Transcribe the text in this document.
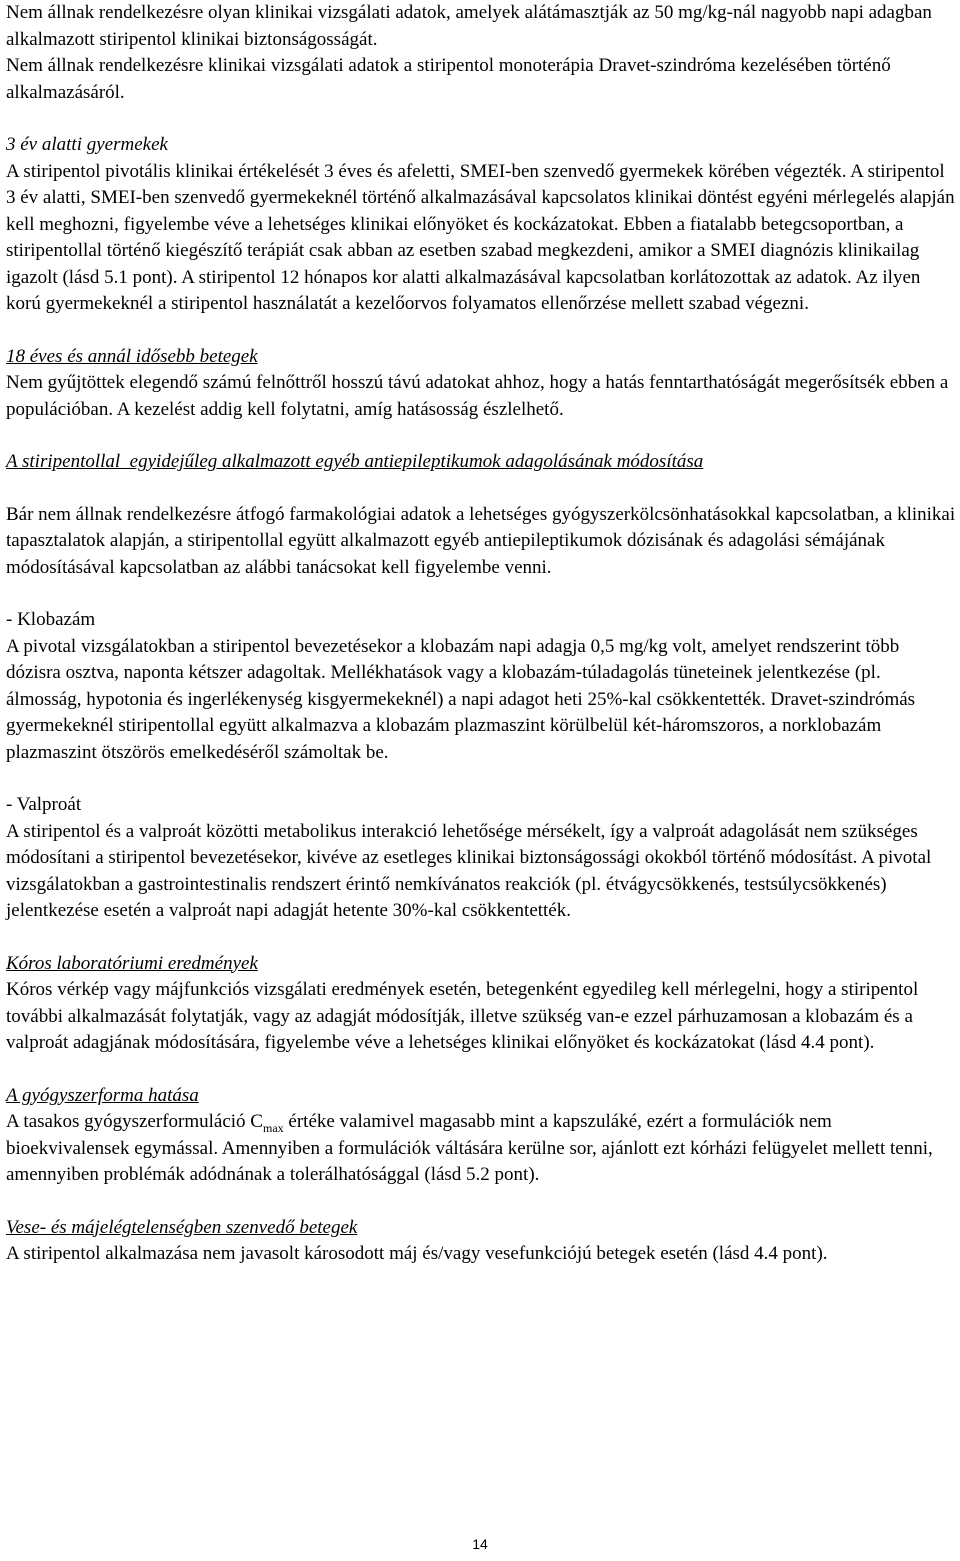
Nem állnak rendelkezésre olyan klinikai vizsgálati adatok, amelyek alátámasztják az 50 mg/kg-nál nagyobb napi adagban alkalmazott stiripentol klinikai biztonságosságát.

Nem állnak rendelkezésre klinikai vizsgálati adatok a stiripentol monoterápia Dravet-szindróma kezelésében történő alkalmazásáról.

3 év alatti gyermekek

A stiripentol pivotális klinikai értékelését 3 éves és afeletti, SMEI-ben szenvedő gyermekek körében végezték. A stiripentol 3 év alatti, SMEI-ben szenvedő gyermekeknél történő alkalmazásával kapcsolatos klinikai döntést egyéni mérlegelés alapján kell meghozni, figyelembe véve a lehetséges klinikai előnyöket és kockázatokat. Ebben a fiatalabb betegcsoportban, a stiripentollal történő kiegészítő terápiát csak abban az esetben szabad megkezdeni, amikor a SMEI diagnózis klinikailag igazolt (lásd 5.1 pont). A stiripentol 12 hónapos kor alatti alkalmazásával kapcsolatban korlátozottak az adatok. Az ilyen korú gyermekeknél a stiripentol használatát a kezelőorvos folyamatos ellenőrzése mellett szabad végezni.

18 éves és annál idősebb betegek

Nem gyűjtöttek elegendő számú felnőttről hosszú távú adatokat ahhoz, hogy a hatás fenntarthatóságát megerősítsék ebben a populációban. A kezelést addig kell folytatni, amíg hatásosság észlelhető.

A stiripentollal  egyidejűleg alkalmazott egyéb antiepileptikumok adagolásának módosítása

Bár nem állnak rendelkezésre átfogó farmakológiai adatok a lehetséges gyógyszerkölcsönhatásokkal kapcsolatban, a klinikai tapasztalatok alapján, a stiripentollal együtt alkalmazott egyéb antiepileptikumok dózisának és adagolási sémájának módosításával kapcsolatban az alábbi tanácsokat kell figyelembe venni.

- Klobazám

A pivotal vizsgálatokban a stiripentol bevezetésekor a klobazám napi adagja 0,5 mg/kg volt, amelyet rendszerint több dózisra osztva, naponta kétszer adagoltak. Mellékhatások vagy a klobazám-túladagolás tüneteinek jelentkezése (pl. álmosság, hypotonia és ingerlékenység kisgyermekeknél) a napi adagot heti 25%-kal csökkentették. Dravet-szindrómás gyermekeknél stiripentollal együtt alkalmazva a klobazám plazmaszint körülbelül két-háromszoros, a norklobazám plazmaszint ötszörös emelkedéséről számoltak be.

- Valproát

A stiripentol és a valproát közötti metabolikus interakció lehetősége mérsékelt, így a valproát adagolását nem szükséges módosítani a stiripentol bevezetésekor, kivéve az esetleges klinikai biztonságossági okokból történő módosítást. A pivotal vizsgálatokban a gastrointestinalis rendszert érintő nemkívánatos reakciók (pl. étvágycsökkenés, testsúlycsökkenés) jelentkezése esetén a valproát napi adagját hetente 30%-kal csökkentették.

Kóros laboratóriumi eredmények

Kóros vérkép vagy májfunkciós vizsgálati eredmények esetén, betegenként egyedileg kell mérlegelni, hogy a stiripentol további alkalmazását folytatják, vagy az adagját módosítják, illetve szükség van-e ezzel párhuzamosan a klobazám és a valproát adagjának módosítására, figyelembe véve a lehetséges klinikai előnyöket és kockázatokat (lásd 4.4 pont).

A gyógyszerforma hatása

A tasakos gyógyszerformuláció $C_{max}$ értéke valamivel magasabb mint a kapszuláké, ezért a formulációk nem bioekvivalensek egymással. Amennyiben a formulációk váltására kerülne sor, ajánlott ezt kórházi felügyelet mellett tenni, amennyiben problémák adódnának a tolerálhatósággal (lásd 5.2 pont).

Vese- és májelégtelenségben szenvedő betegek

A stiripentol alkalmazása nem javasolt károsodott máj és/vagy vesefunkciójú betegek esetén (lásd 4.4 pont).

14
